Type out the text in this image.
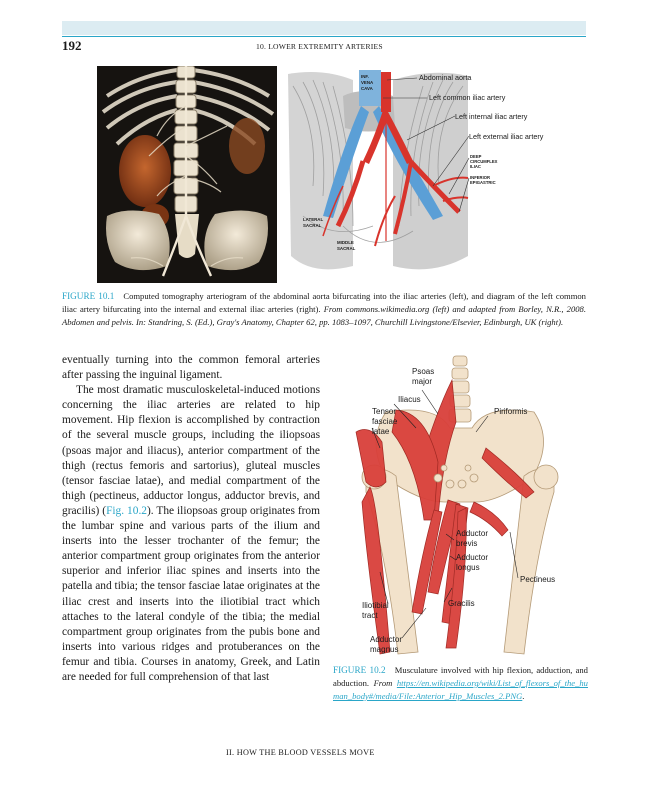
192	10. LOWER EXTREMITY ARTERIES
INF.
VENA
CAVA
LATERAL
SACRAL
MIDDLE
SACRAL
Abdominal aorta
Left common iliac artery
Left internal iliac artery
Left external iliac artery
DEEP
CIRCUMFLEX
ILIAC
INFERIOR
EPIGASTRIC
FIGURE 10.1 Computed tomography arteriogram of the abdominal aorta bifurcating into the iliac arteries (left), and diagram of the left common iliac artery bifurcating into the internal and external iliac arteries (right). From commons.wikimedia.org (left) and adapted from Borley, N.R., 2008. Abdomen and pelvis. In: Standring, S. (Ed.), Gray's Anatomy, Chapter 62, pp. 1083–1097, Churchill Livingstone/Elsevier, Edinburgh, UK (right).

eventually turning into the common femoral arteries after passing the inguinal ligament.

The most dramatic musculoskeletal-induced motions concerning the iliac arteries are related to hip movement. Hip flexion is accomplished by contraction of the several muscle groups, including the iliopsoas (psoas major and iliacus), anterior compartment of the thigh (rectus femoris and sartorius), gluteal muscles (tensor fasciae latae), and medial compartment of the thigh (pectineus, adductor longus, adductor brevis, and gracilis) (Fig. 10.2). The iliopsoas group originates from the lumbar spine and various parts of the ilium and inserts into the lesser trochanter of the femur; the anterior compartment group originates from the anterior superior and inferior iliac spines and inserts into the patella and tibia; the tensor fasciae latae originates at the iliac crest and inserts into the iliotibial tract which attaches to the lateral condyle of the tibia; the medial compartment group originates from the pubis bone and inserts into various ridges and protuberances on the femur and tibia. Courses in anatomy, Greek, and Latin are needed for full comprehension of that last

Psoas
major
Iliacus
Tensor
fasciae
latae
Piriformis
Adductor
brevis
Adductor
longus
Pectineus
Gracilis
Iliotibial
tract
Adductor
magnus
FIGURE 10.2 Musculature involved with hip flexion, adduction, and abduction. From https://en.wikipedia.org/wiki/List_of_flexors_of_the_human_body#/media/File:Anterior_Hip_Muscles_2.PNG.
II. HOW THE BLOOD VESSELS MOVE
